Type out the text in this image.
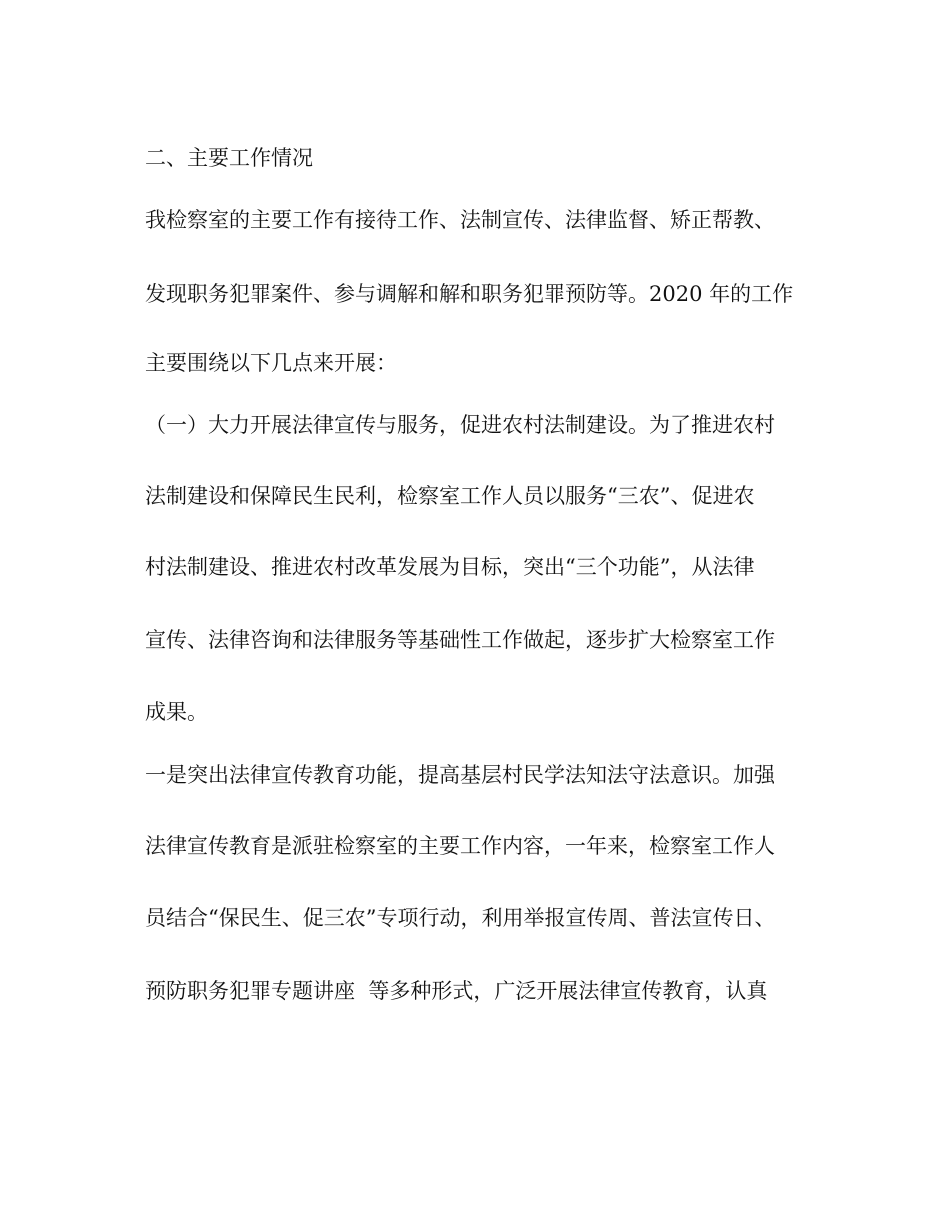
二、主要工作情况
我检察室的主要工作有接待工作、法制宣传、法律监督、矫正帮教、
发现职务犯罪案件、参与调解和解和职务犯罪预防等。2020 年的工作
主要围绕以下几点来开展：
（一）大力开展法律宣传与服务，促进农村法制建设。为了推进农村
法制建设和保障民生民利，检察室工作人员以服务“三农”、促进农
村法制建设、推进农村改革发展为目标，突出“三个功能”，从法律
宣传、法律咨询和法律服务等基础性工作做起，逐步扩大检察室工作
成果。
一是突出法律宣传教育功能，提高基层村民学法知法守法意识。加强
法律宣传教育是派驻检察室的主要工作内容，一年来，检察室工作人
员结合“保民生、促三农”专项行动，利用举报宣传周、普法宣传日、
预防职务犯罪专题讲座  等多种形式，广泛开展法律宣传教育，认真
